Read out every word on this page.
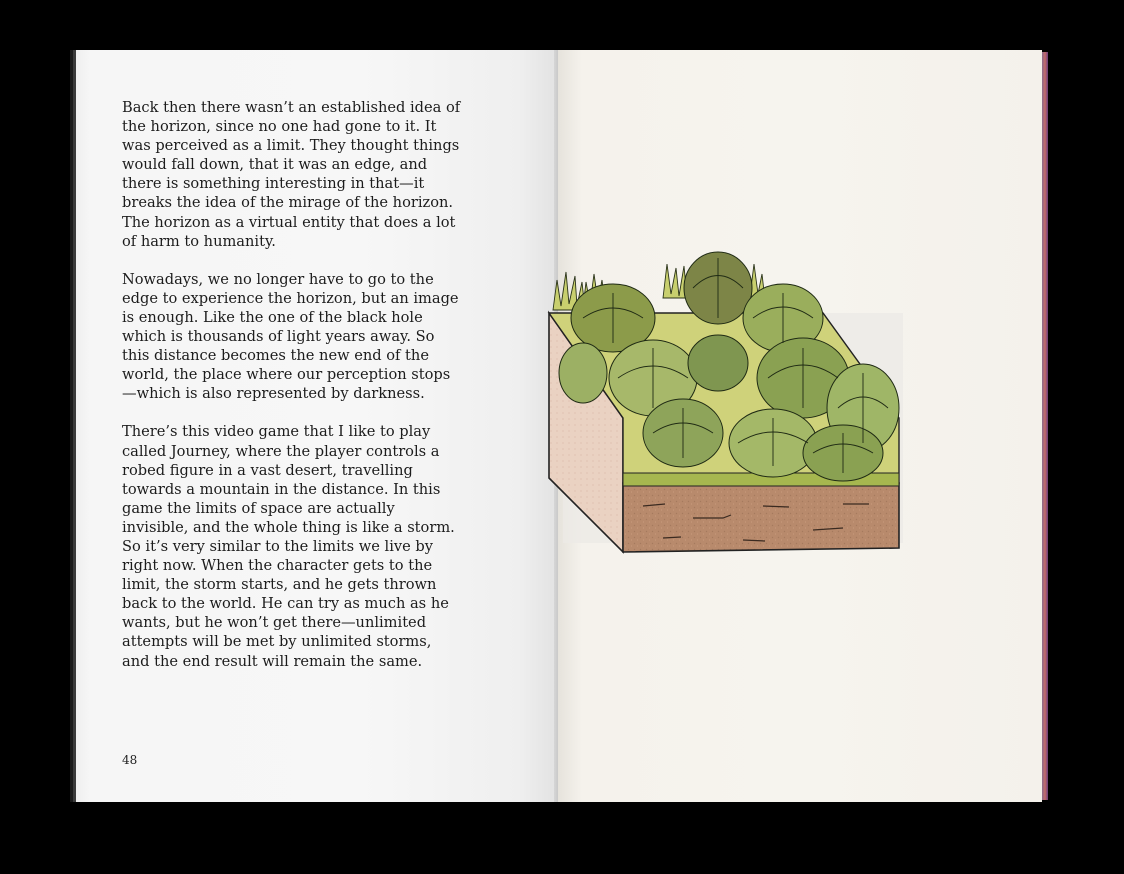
Back then there wasn’t an established idea of the horizon, since no one had gone to it. It was perceived as a limit. They thought things would fall down, that it was an edge, and there is something interesting in that—it breaks the idea of the mirage of the horizon. The horizon as a virtual entity that does a lot of harm to humanity.

Nowadays, we no longer have to go to the edge to experience the horizon, but an image is enough. Like the one of the black hole which is thousands of light years away. So this distance becomes the new end of the world, the place where our perception stops—which is also represented by darkness.

There’s this video game that I like to play called Journey, where the player controls a robed figure in a vast desert, travelling towards a mountain in the distance. In this game the limits of space are actually invisible, and the whole thing is like a storm. So it’s very similar to the limits we live by right now. When the character gets to the limit, the storm starts, and he gets thrown back to the world. He can try as much as he wants, but he won’t get there—unlimited attempts will be met by unlimited storms, and the end result will remain the same.

48
